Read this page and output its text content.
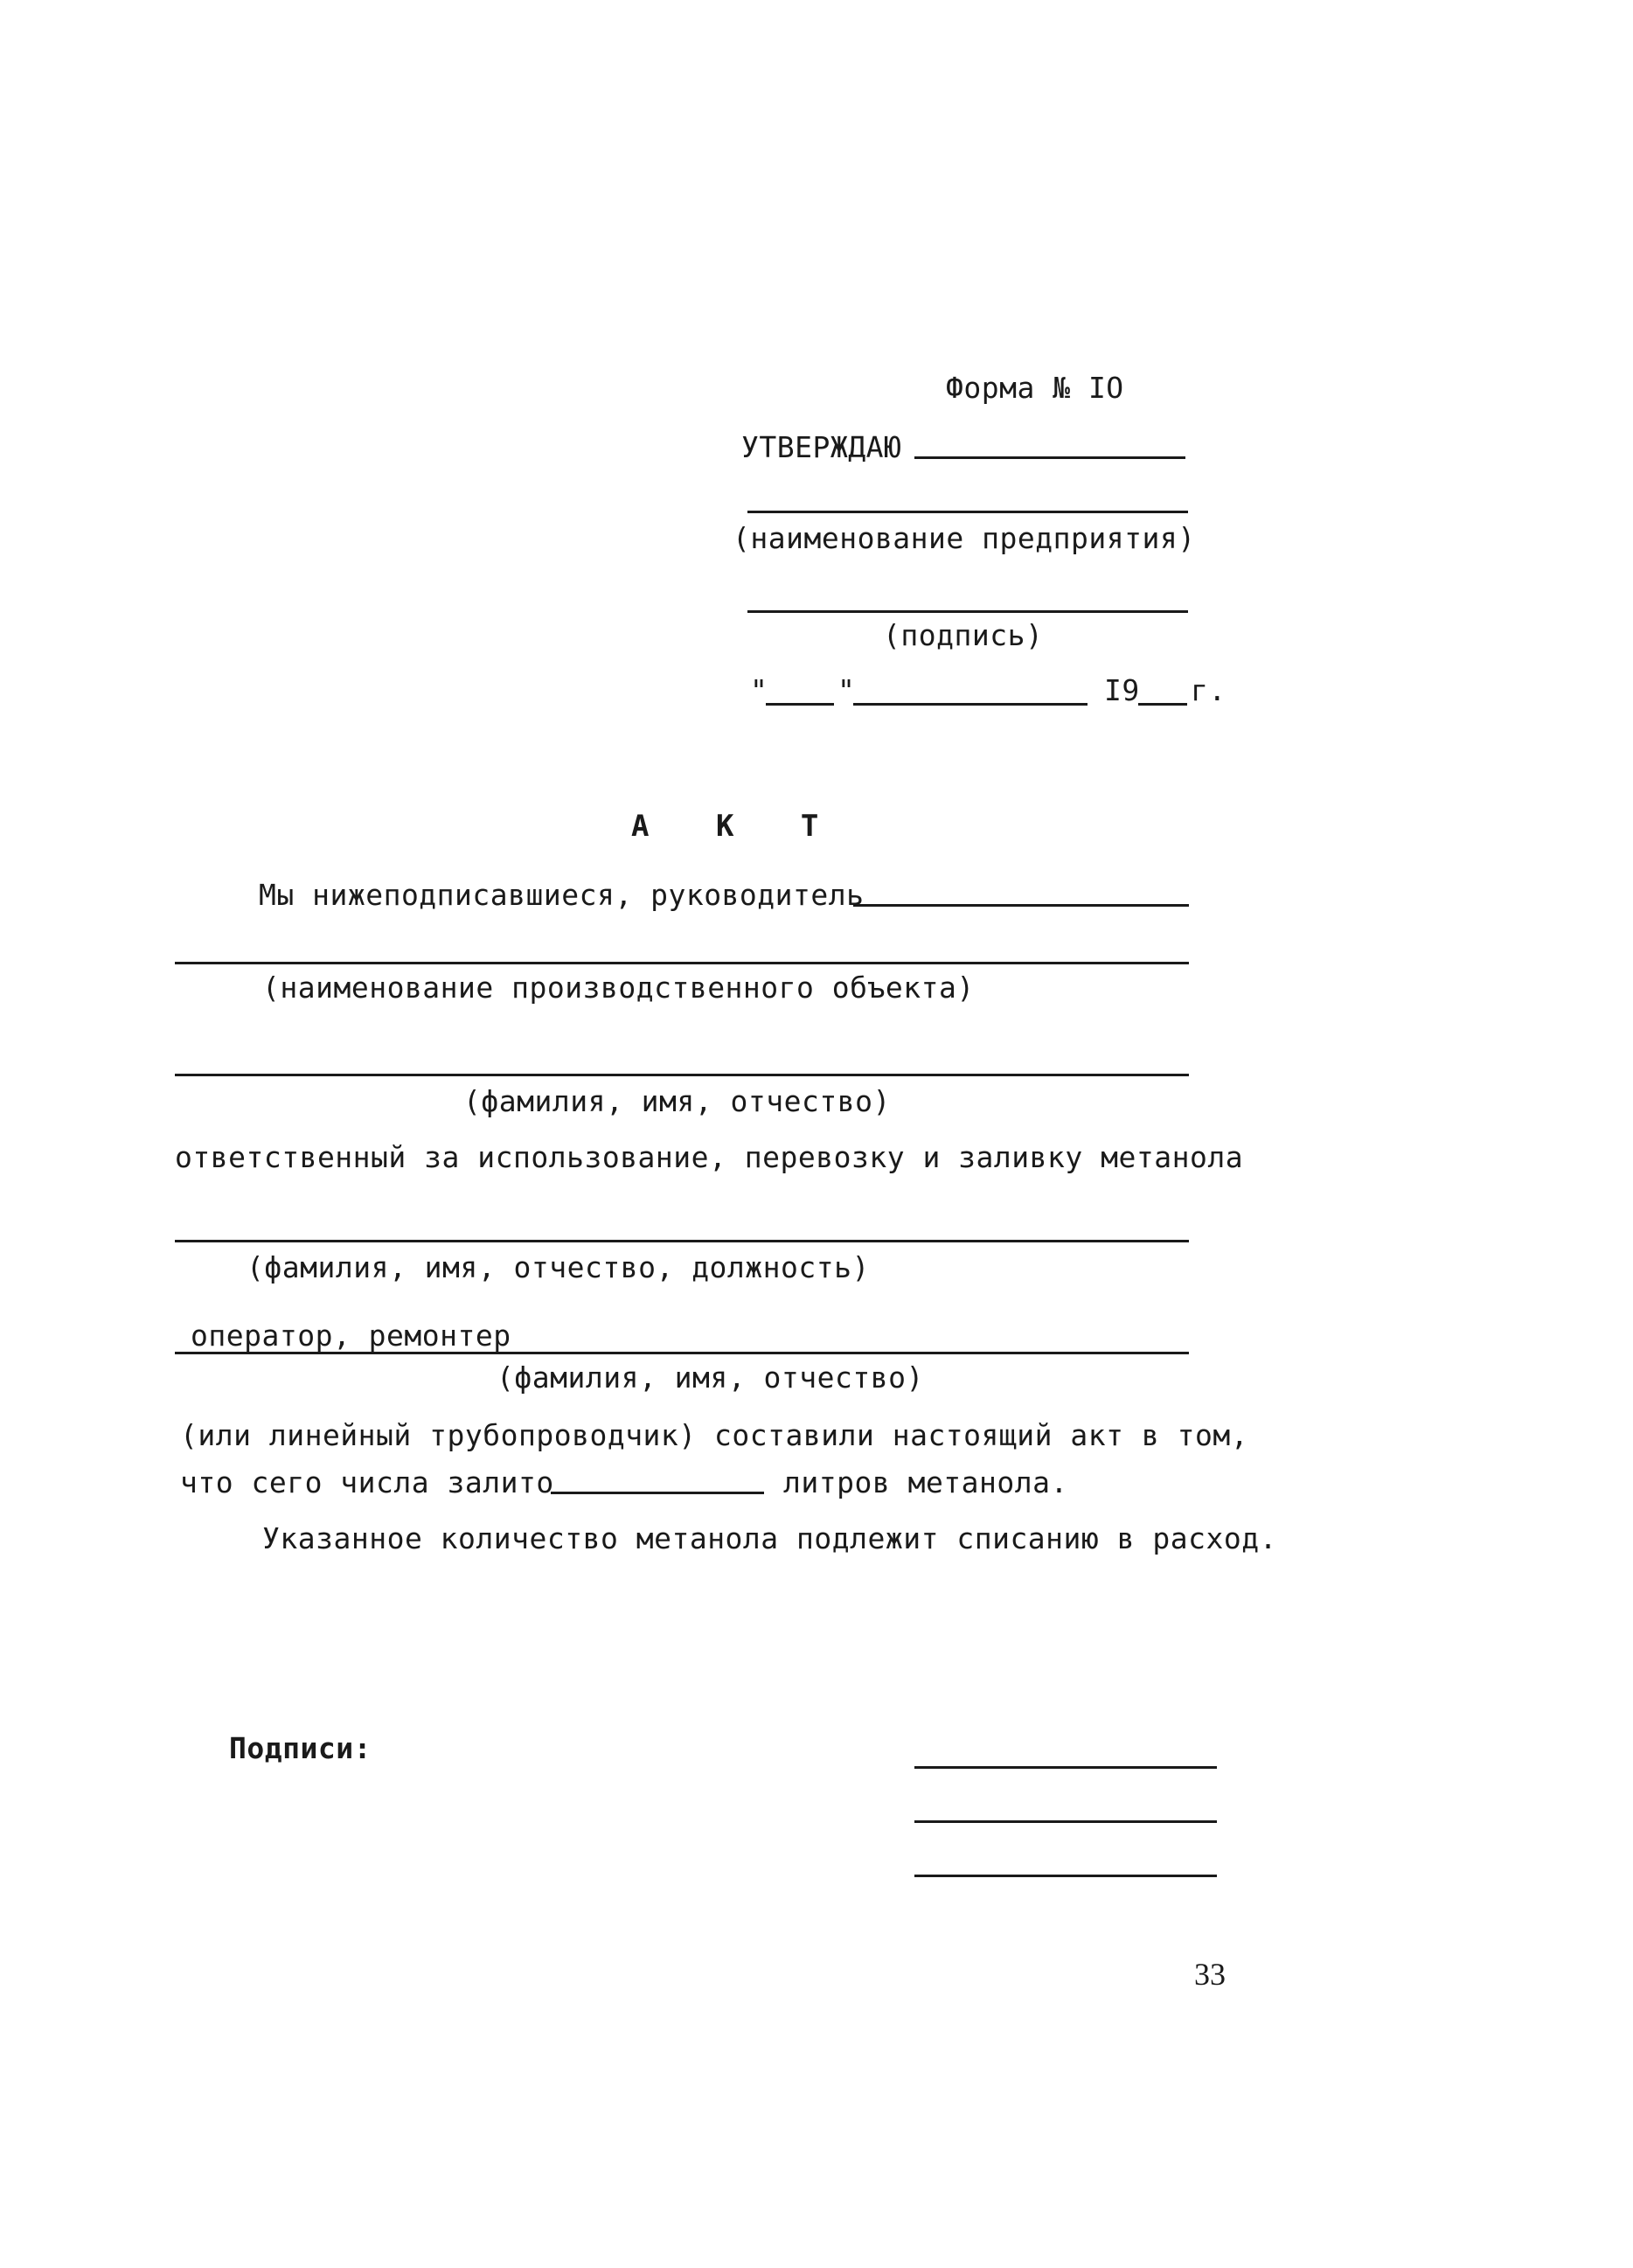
Форма № IO
УТВЕРЖДАЮ
(наименование предприятия)
(подпись)
" "	I9 г.
А К Т
Мы нижеподписавшиеся, руководитель
(наименование производственного объекта)
(фамилия, имя, отчество)
ответственный за использование, перевозку и заливку метанола
(фамилия, имя, отчество, должность)
оператор, ремонтер
(фамилия, имя, отчество)
(или линейный трубопроводчик) составили настоящий акт в том,
что сего числа залито	литров метанола.
Указанное количество метанола подлежит списанию в расход.
Подписи:
33
